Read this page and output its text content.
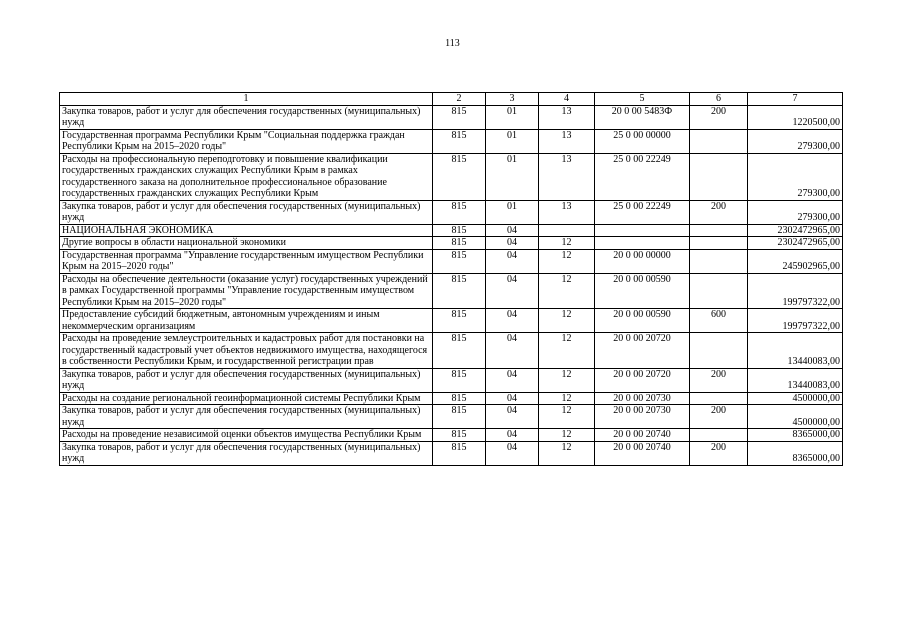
113
1	2	3	4	5	6	7
Закупка товаров, работ и услуг для обеспечения государственных (муниципальных) нужд	815	01	13	20 0 00 5483Ф	200	1220500,00
Государственная программа Республики Крым "Социальная поддержка граждан Республики Крым на 2015–2020 годы"	815	01	13	25 0 00 00000		279300,00
Расходы на профессиональную переподготовку и повышение квалификации государственных гражданских служащих Республики Крым в рамках государственного заказа на дополнительное профессиональное образование государственных гражданских служащих Республики Крым	815	01	13	25 0 00 22249		279300,00
Закупка товаров, работ и услуг для обеспечения государственных (муниципальных) нужд	815	01	13	25 0 00 22249	200	279300,00
НАЦИОНАЛЬНАЯ ЭКОНОМИКА	815	04				2302472965,00
Другие вопросы в области национальной экономики	815	04	12			2302472965,00
Государственная программа "Управление государственным имуществом Республики Крым на 2015–2020 годы"	815	04	12	20 0 00 00000		245902965,00
Расходы на обеспечение деятельности (оказание услуг) государственных учреждений в рамках Государственной программы "Управление государственным имуществом Республики Крым на 2015–2020 годы"	815	04	12	20 0 00 00590		199797322,00
Предоставление субсидий бюджетным, автономным учреждениям и иным некоммерческим организациям	815	04	12	20 0 00 00590	600	199797322,00
Расходы на проведение землеустроительных и кадастровых работ для постановки на государственный кадастровый учет объектов недвижимого имущества, находящегося в собственности Республики Крым, и государственной регистрации прав	815	04	12	20 0 00 20720		13440083,00
Закупка товаров, работ и услуг для обеспечения государственных (муниципальных) нужд	815	04	12	20 0 00 20720	200	13440083,00
Расходы на создание региональной геоинформационной системы Республики Крым	815	04	12	20 0 00 20730		4500000,00
Закупка товаров, работ и услуг для обеспечения государственных (муниципальных) нужд	815	04	12	20 0 00 20730	200	4500000,00
Расходы на проведение независимой оценки объектов имущества Республики Крым	815	04	12	20 0 00 20740		8365000,00
Закупка товаров, работ и услуг для обеспечения государственных (муниципальных) нужд	815	04	12	20 0 00 20740	200	8365000,00
